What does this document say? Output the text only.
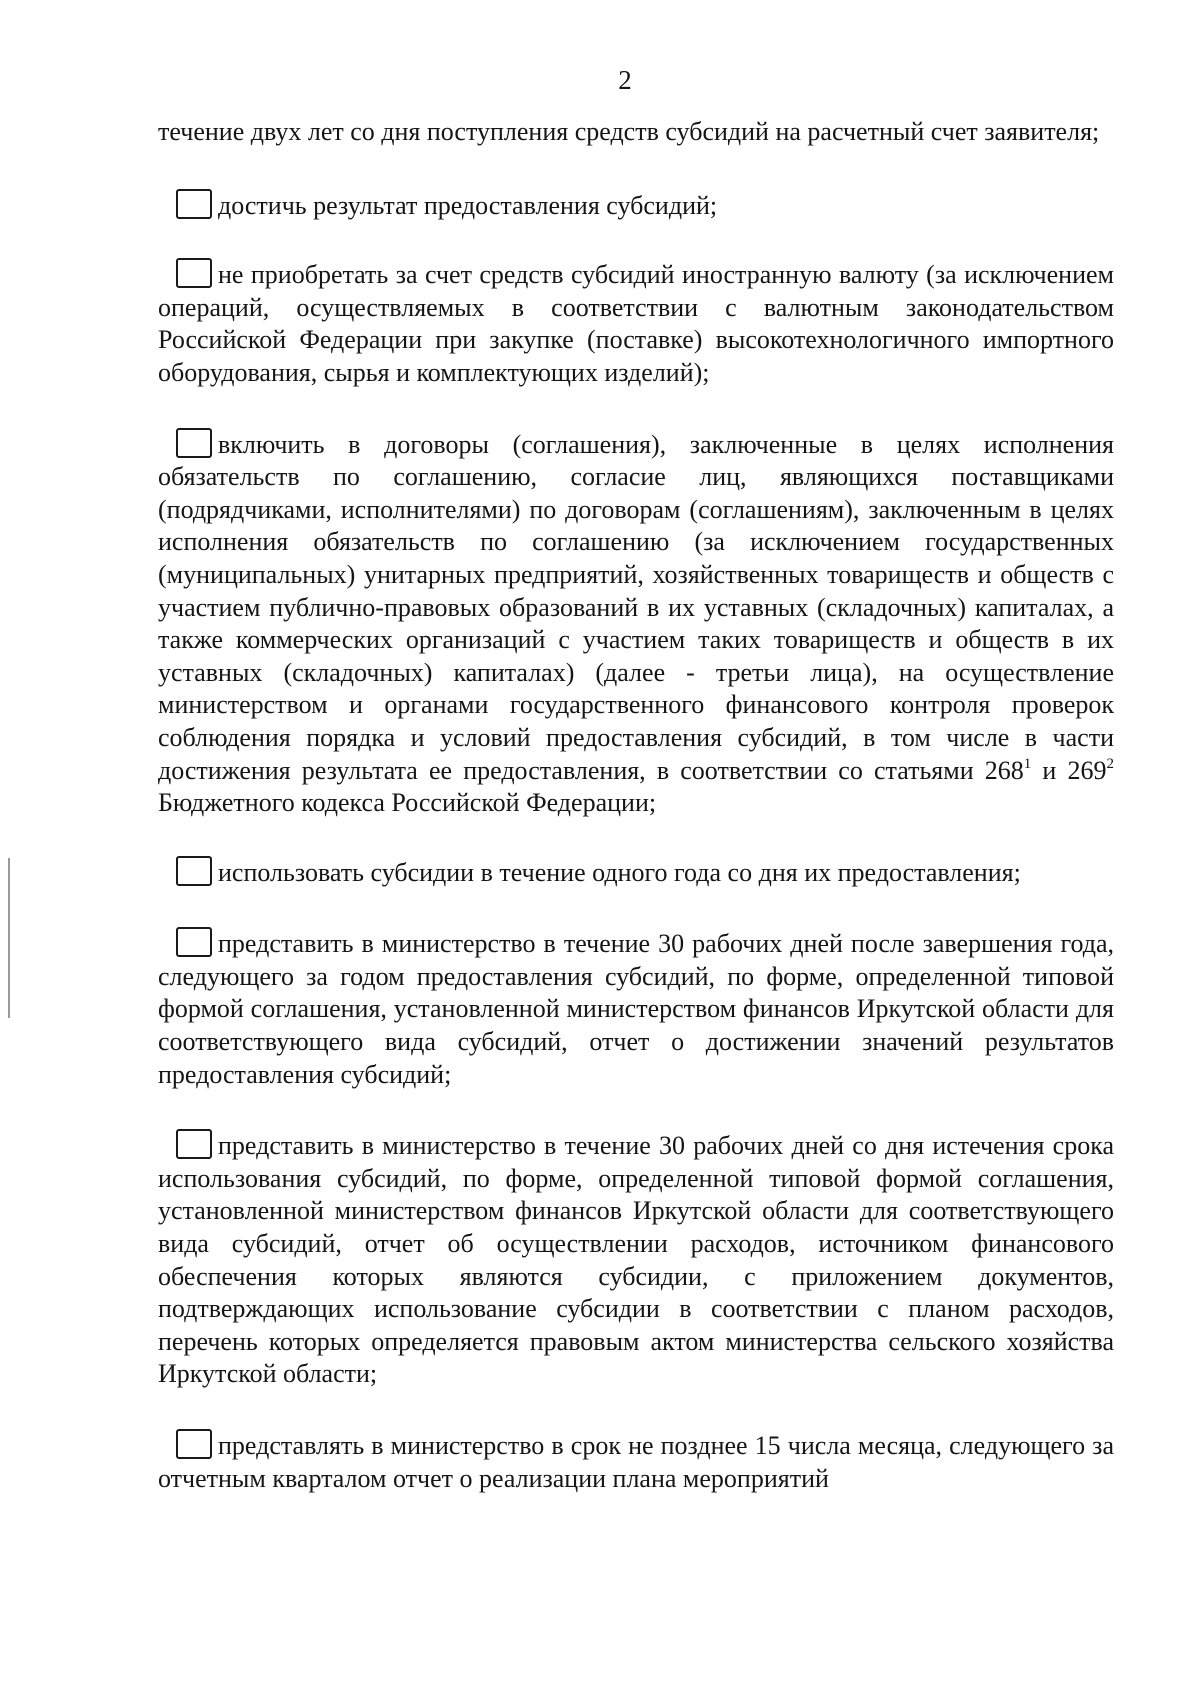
2

течение двух лет со дня поступления средств субсидий на расчетный счет заявителя;

достичь результат предоставления субсидий;

не приобретать за счет средств субсидий иностранную валюту (за исключением операций, осуществляемых в соответствии с валютным законодательством Российской Федерации при закупке (поставке) высокотехнологичного импортного оборудования, сырья и комплектующих изделий);

включить в договоры (соглашения), заключенные в целях исполнения обязательств по соглашению, согласие лиц, являющихся поставщиками (подрядчиками, исполнителями) по договорам (соглашениям), заключенным в целях исполнения обязательств по соглашению (за исключением государственных (муниципальных) унитарных предприятий, хозяйственных товариществ и обществ с участием публично-правовых образований в их уставных (складочных) капиталах, а также коммерческих организаций с участием таких товариществ и обществ в их уставных (складочных) капиталах) (далее - третьи лица), на осуществление министерством и органами государственного финансового контроля проверок соблюдения порядка и условий предоставления субсидий, в том числе в части достижения результата ее предоставления, в соответствии со статьями $268^1$ и $269^2$ Бюджетного кодекса Российской Федерации;

использовать субсидии в течение одного года со дня их предоставления;

представить в министерство в течение 30 рабочих дней после завершения года, следующего за годом предоставления субсидий, по форме, определенной типовой формой соглашения, установленной министерством финансов Иркутской области для соответствующего вида субсидий, отчет о достижении значений результатов предоставления субсидий;

представить в министерство в течение 30 рабочих дней со дня истечения срока использования субсидий, по форме, определенной типовой формой соглашения, установленной министерством финансов Иркутской области для соответствующего вида субсидий, отчет об осуществлении расходов, источником финансового обеспечения которых являются субсидии, с приложением документов, подтверждающих использование субсидии в соответствии с планом расходов, перечень которых определяется правовым актом министерства сельского хозяйства Иркутской области;

представлять в министерство в срок не позднее 15 числа месяца, следующего за отчетным кварталом отчет о реализации плана мероприятий
